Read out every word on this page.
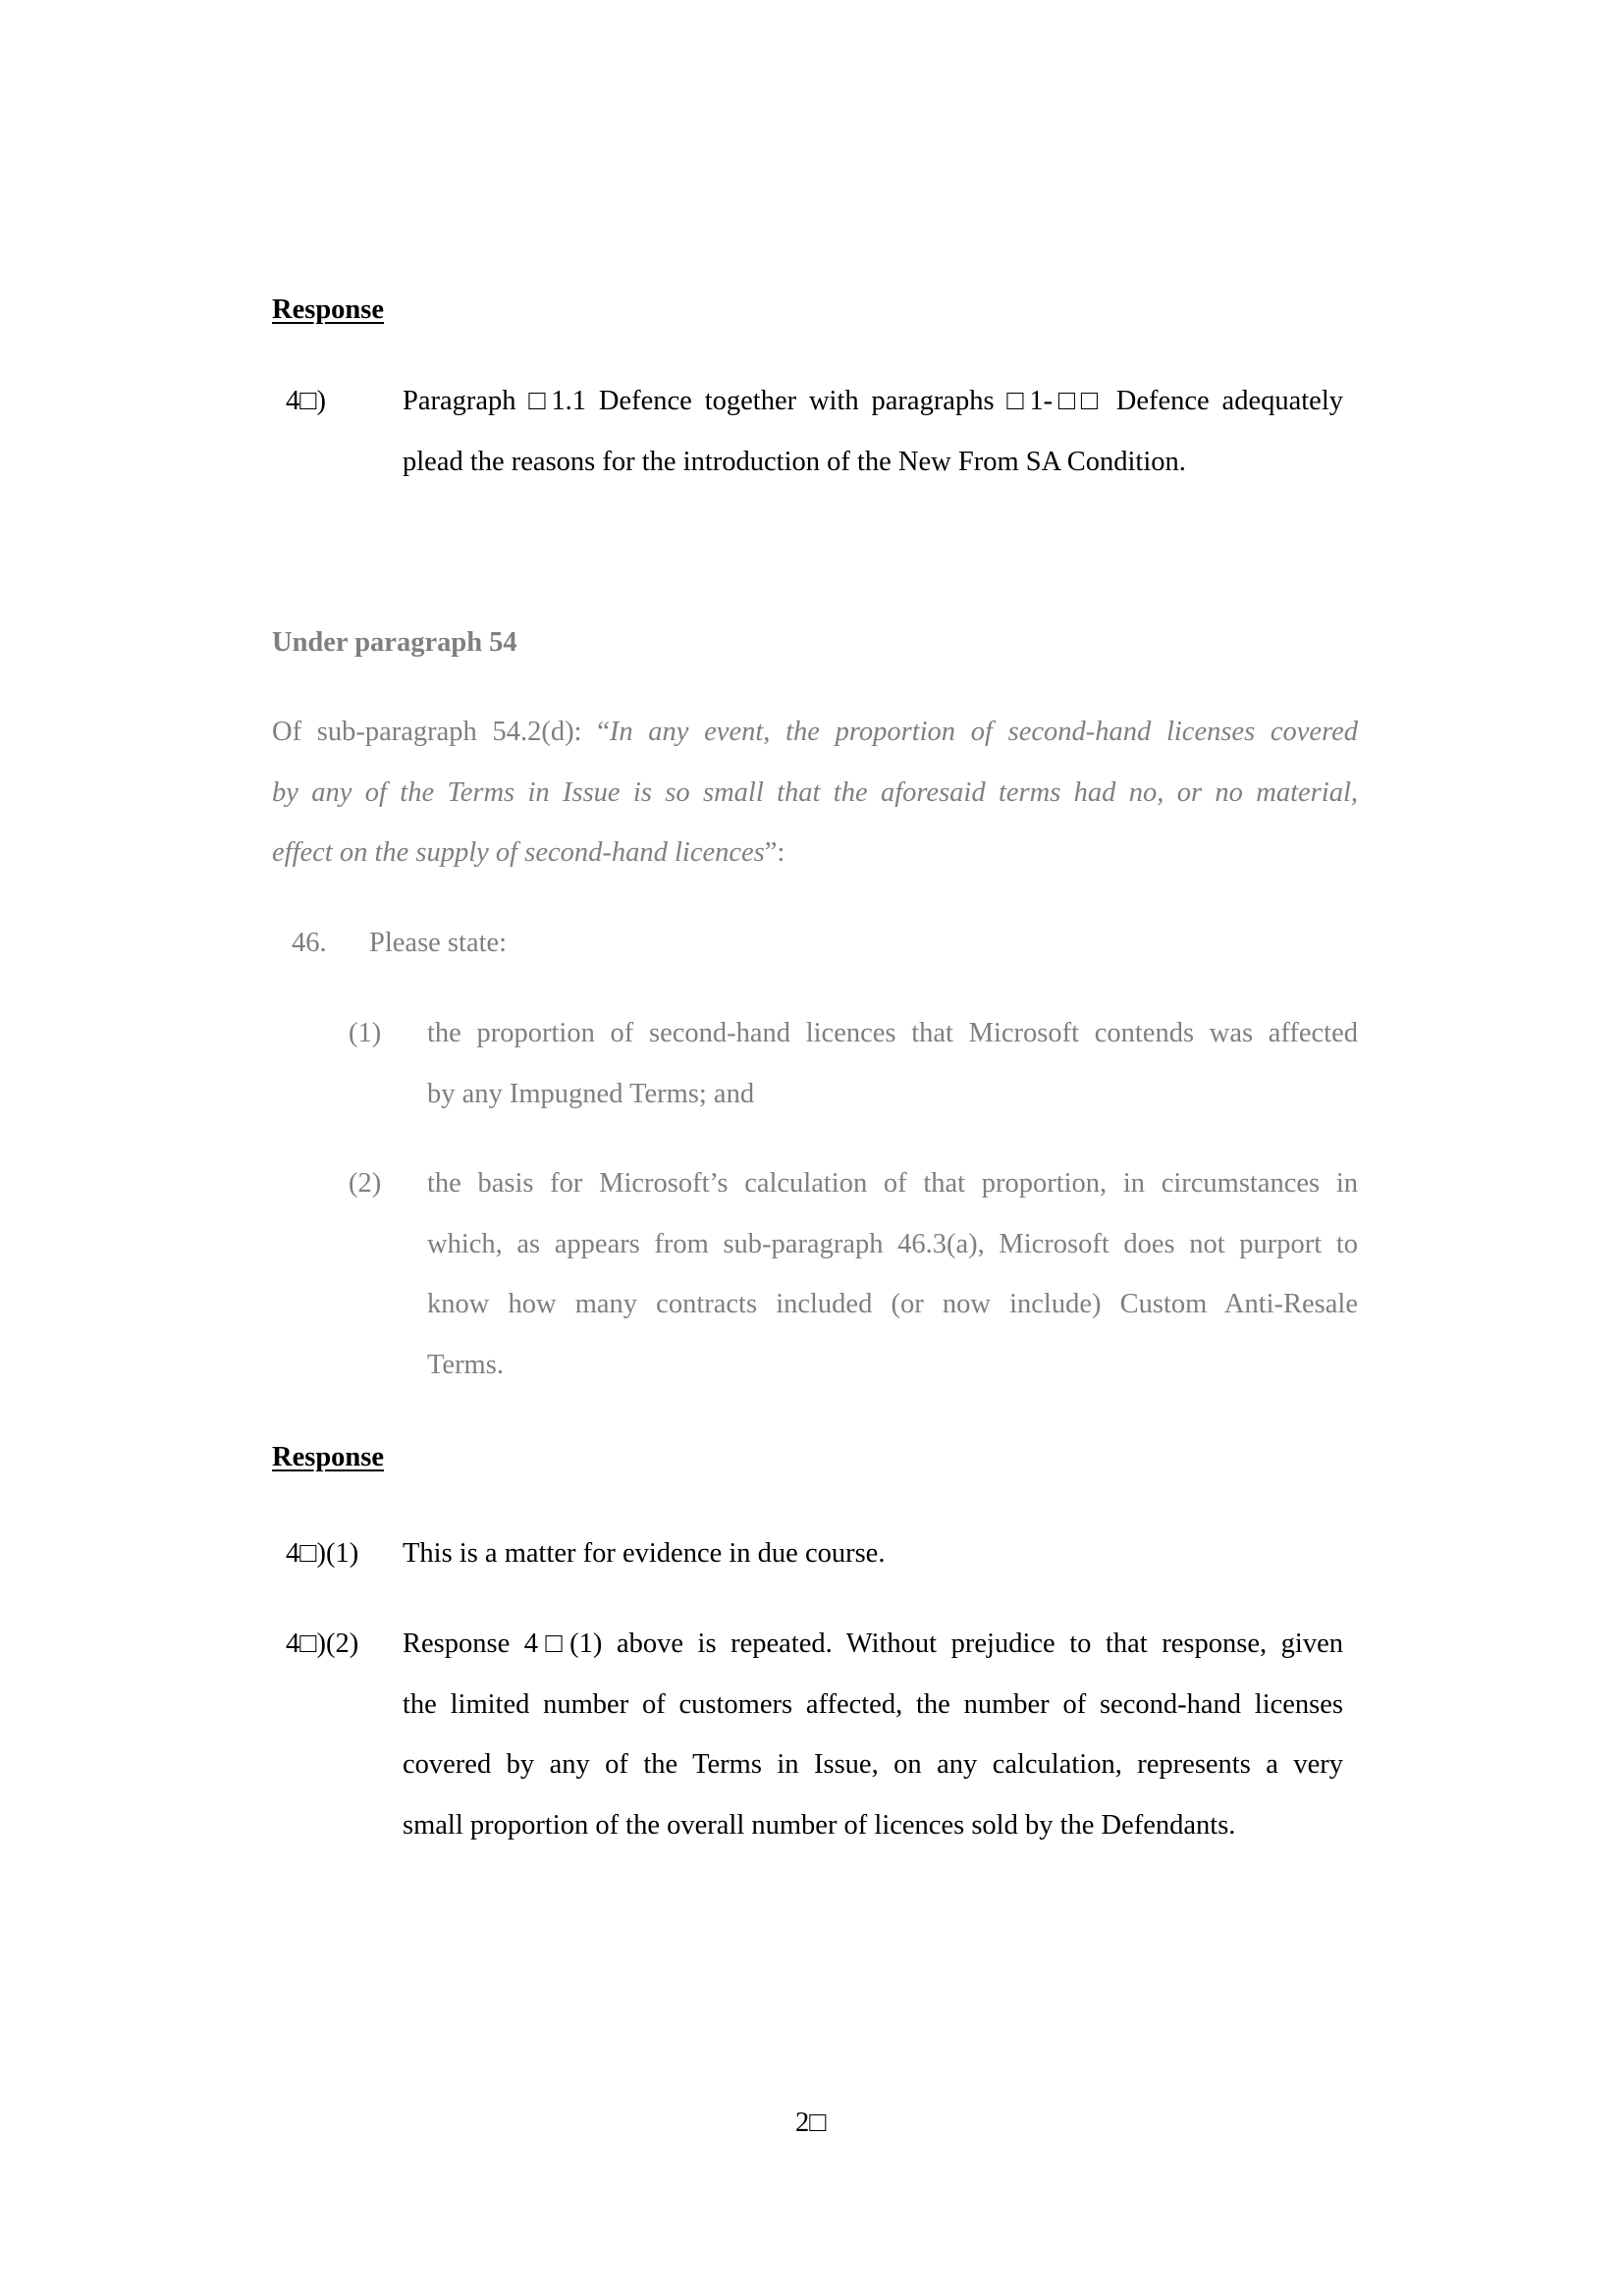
Response
4□)	Paragraph □1.1 Defence together with paragraphs □1-□□ Defence adequately
plead the reasons for the introduction of the New From SA Condition.
Under paragraph 54
Of sub-paragraph 54.2(d): “In any event, the proportion of second-hand licenses covered
by any of the Terms in Issue is so small that the aforesaid terms had no, or no material,
effect on the supply of second-hand licences”:
46. Please state:
(1) the proportion of second-hand licences that Microsoft contends was affected
by any Impugned Terms; and
(2) the basis for Microsoft’s calculation of that proportion, in circumstances in
which, as appears from sub-paragraph 46.3(a), Microsoft does not purport to
know how many contracts included (or now include) Custom Anti-Resale
Terms.
Response
4□)(1) This is a matter for evidence in due course.
4□)(2) Response 4□(1) above is repeated. Without prejudice to that response, given
the limited number of customers affected, the number of second-hand licenses
covered by any of the Terms in Issue, on any calculation, represents a very
small proportion of the overall number of licences sold by the Defendants.
2□
